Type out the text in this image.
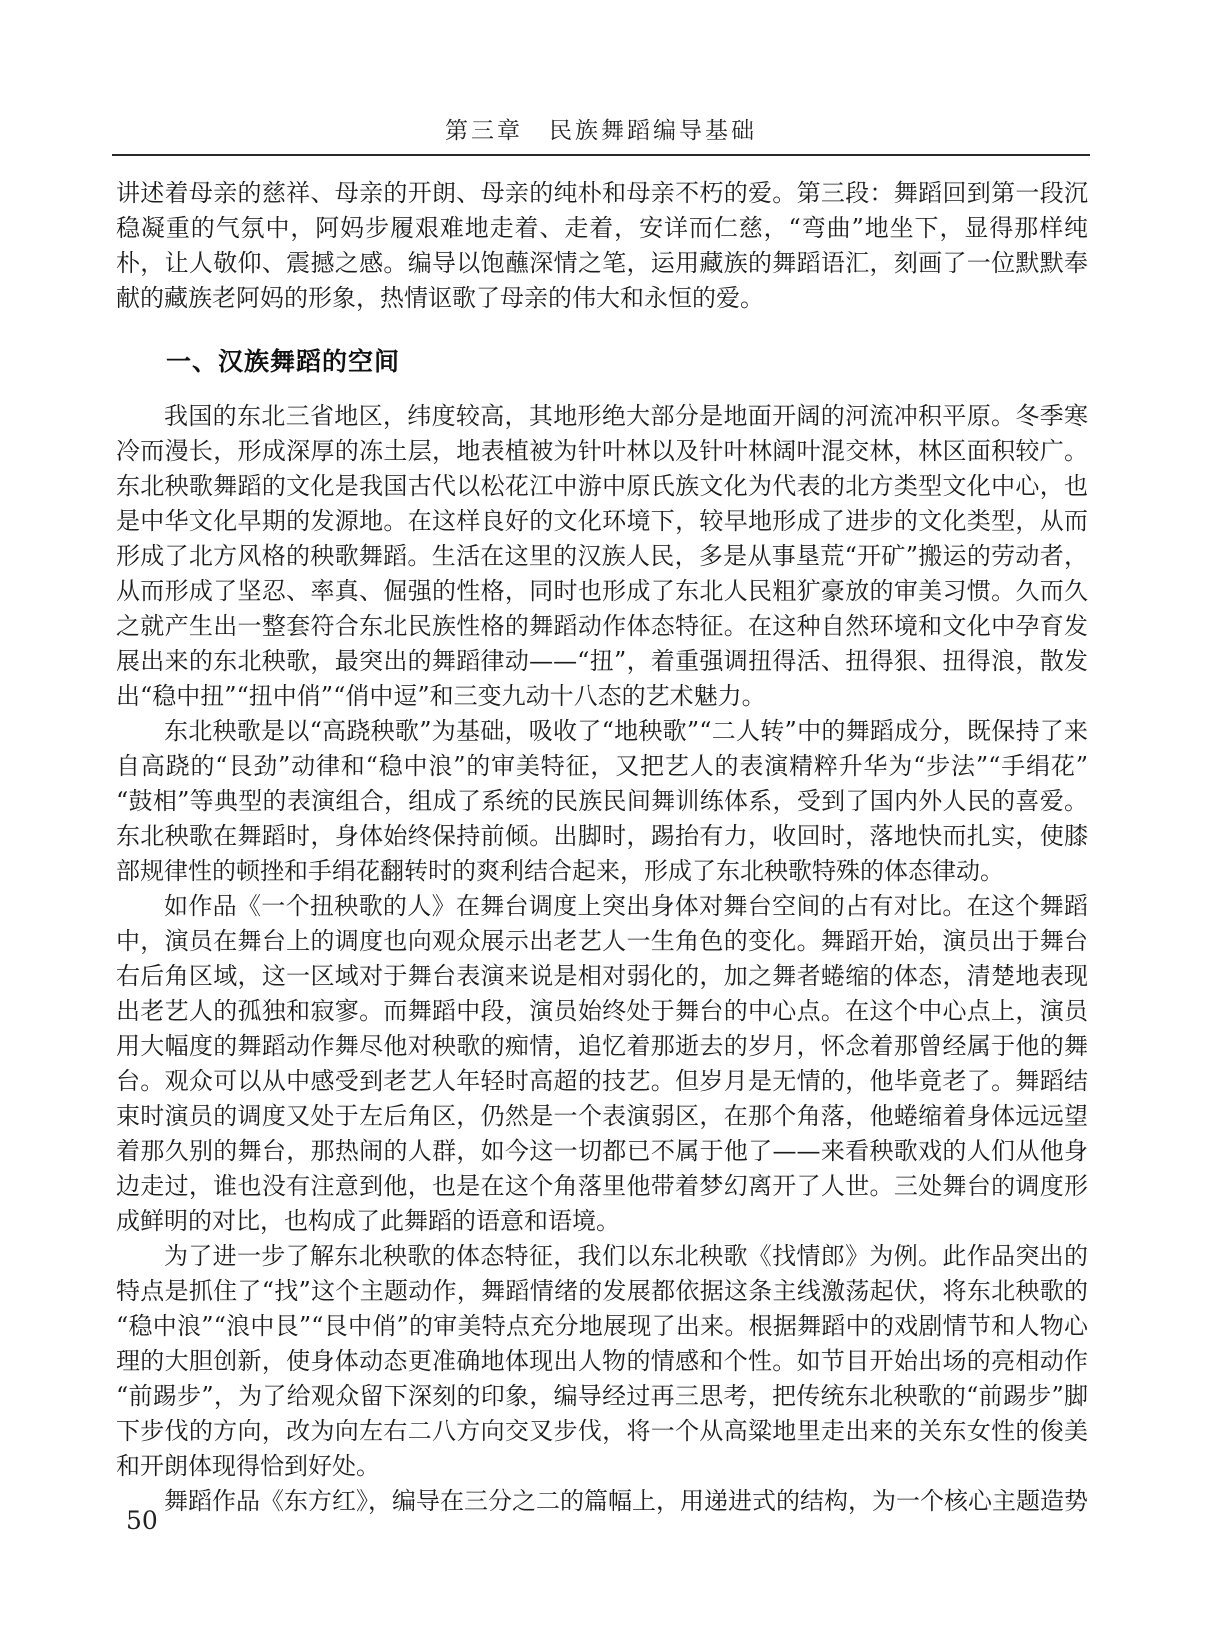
第三章　民族舞蹈编导基础

讲述着母亲的慈祥、母亲的开朗、母亲的纯朴和母亲不朽的爱。第三段：舞蹈回到第一段沉稳凝重的气氛中，阿妈步履艰难地走着、走着，安详而仁慈，“弯曲”地坐下，显得那样纯朴，让人敬仰、震撼之感。编导以饱蘸深情之笔，运用藏族的舞蹈语汇，刻画了一位默默奉献的藏族老阿妈的形象，热情讴歌了母亲的伟大和永恒的爱。

一、汉族舞蹈的空间

我国的东北三省地区，纬度较高，其地形绝大部分是地面开阔的河流冲积平原。冬季寒冷而漫长，形成深厚的冻土层，地表植被为针叶林以及针叶林阔叶混交林，林区面积较广。东北秧歌舞蹈的文化是我国古代以松花江中游中原氏族文化为代表的北方类型文化中心，也是中华文化早期的发源地。在这样良好的文化环境下，较早地形成了进步的文化类型，从而形成了北方风格的秧歌舞蹈。生活在这里的汉族人民，多是从事垦荒“开矿”搬运的劳动者，从而形成了坚忍、率真、倔强的性格，同时也形成了东北人民粗犷豪放的审美习惯。久而久之就产生出一整套符合东北民族性格的舞蹈动作体态特征。在这种自然环境和文化中孕育发展出来的东北秧歌，最突出的舞蹈律动——“扭”，着重强调扭得活、扭得狠、扭得浪，散发出“稳中扭”“扭中俏”“俏中逗”和三变九动十八态的艺术魅力。

东北秧歌是以“高跷秧歌”为基础，吸收了“地秧歌”“二人转”中的舞蹈成分，既保持了来自高跷的“艮劲”动律和“稳中浪”的审美特征，又把艺人的表演精粹升华为“步法”“手绢花”“鼓相”等典型的表演组合，组成了系统的民族民间舞训练体系，受到了国内外人民的喜爱。东北秧歌在舞蹈时，身体始终保持前倾。出脚时，踢抬有力，收回时，落地快而扎实，使膝部规律性的顿挫和手绢花翻转时的爽利结合起来，形成了东北秧歌特殊的体态律动。

如作品《一个扭秧歌的人》在舞台调度上突出身体对舞台空间的占有对比。在这个舞蹈中，演员在舞台上的调度也向观众展示出老艺人一生角色的变化。舞蹈开始，演员出于舞台右后角区域，这一区域对于舞台表演来说是相对弱化的，加之舞者蜷缩的体态，清楚地表现出老艺人的孤独和寂寥。而舞蹈中段，演员始终处于舞台的中心点。在这个中心点上，演员用大幅度的舞蹈动作舞尽他对秧歌的痴情，追忆着那逝去的岁月，怀念着那曾经属于他的舞台。观众可以从中感受到老艺人年轻时高超的技艺。但岁月是无情的，他毕竟老了。舞蹈结束时演员的调度又处于左后角区，仍然是一个表演弱区，在那个角落，他蜷缩着身体远远望着那久别的舞台，那热闹的人群，如今这一切都已不属于他了——来看秧歌戏的人们从他身边走过，谁也没有注意到他，也是在这个角落里他带着梦幻离开了人世。三处舞台的调度形成鲜明的对比，也构成了此舞蹈的语意和语境。

为了进一步了解东北秧歌的体态特征，我们以东北秧歌《找情郎》为例。此作品突出的特点是抓住了“找”这个主题动作，舞蹈情绪的发展都依据这条主线激荡起伏，将东北秧歌的“稳中浪”“浪中艮”“艮中俏”的审美特点充分地展现了出来。根据舞蹈中的戏剧情节和人物心理的大胆创新，使身体动态更准确地体现出人物的情感和个性。如节目开始出场的亮相动作“前踢步”，为了给观众留下深刻的印象，编导经过再三思考，把传统东北秧歌的“前踢步”脚下步伐的方向，改为向左右二八方向交叉步伐，将一个从高粱地里走出来的关东女性的俊美和开朗体现得恰到好处。

舞蹈作品《东方红》，编导在三分之二的篇幅上，用递进式的结构，为一个核心主题造势

50
